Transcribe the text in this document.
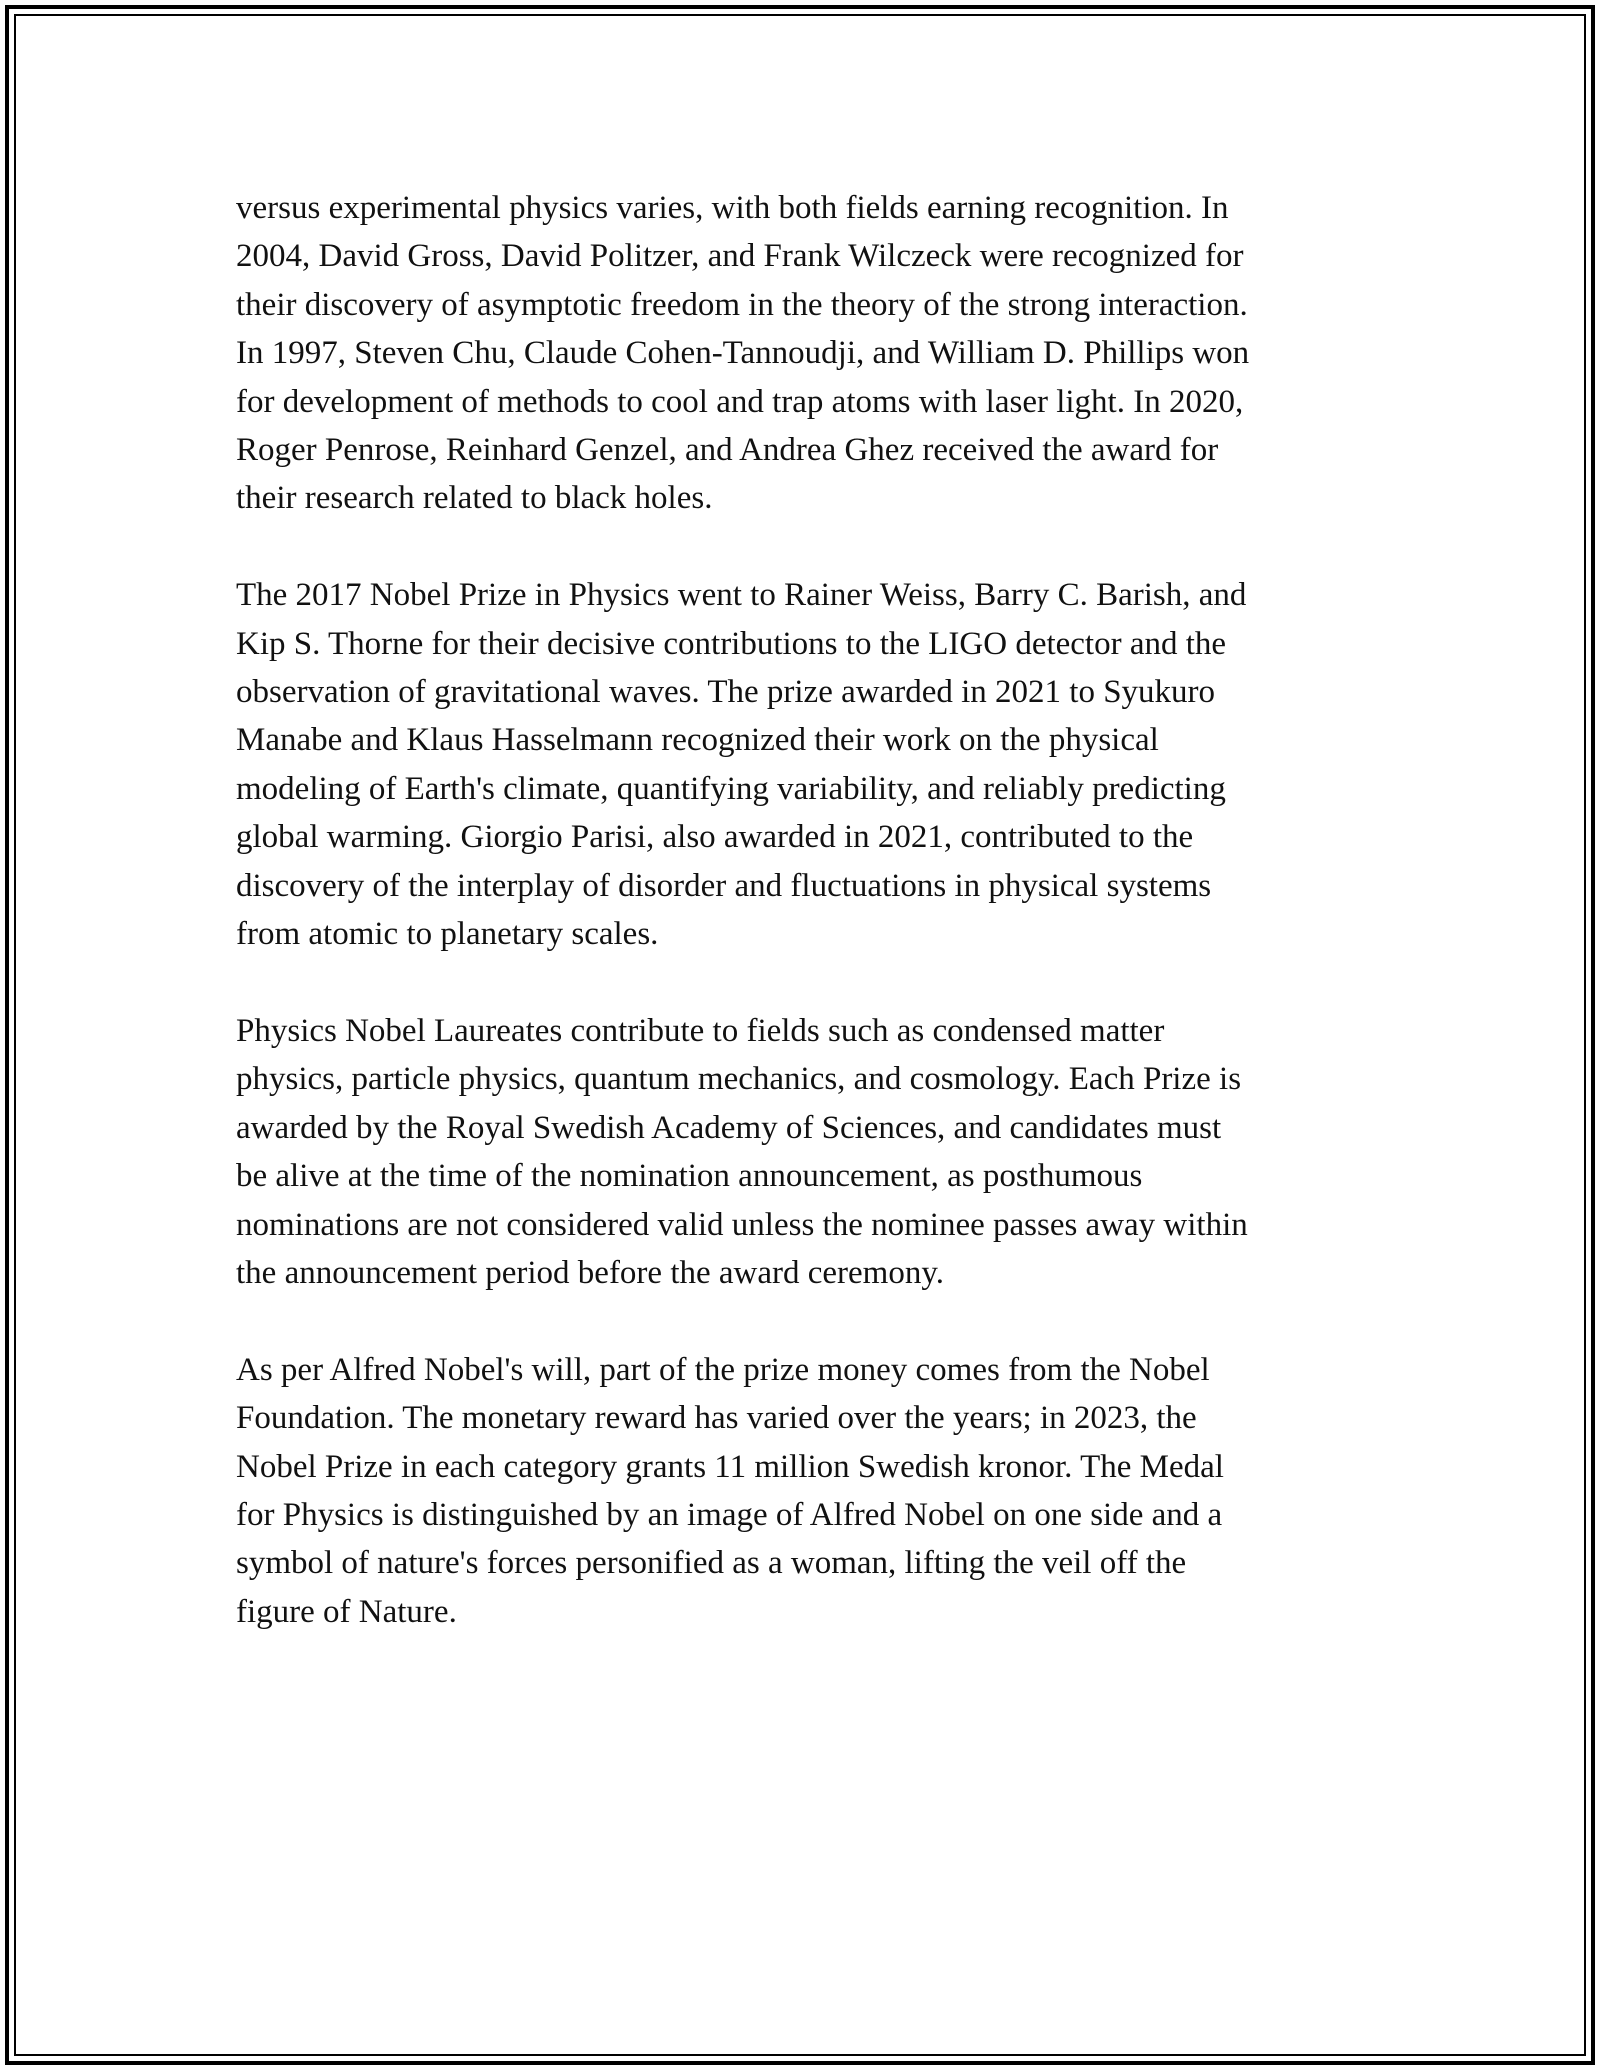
versus experimental physics varies, with both fields earning recognition. In
2004, David Gross, David Politzer, and Frank Wilczeck were recognized for
their discovery of asymptotic freedom in the theory of the strong interaction.
In 1997, Steven Chu, Claude Cohen-Tannoudji, and William D. Phillips won
for development of methods to cool and trap atoms with laser light. In 2020,
Roger Penrose, Reinhard Genzel, and Andrea Ghez received the award for
their research related to black holes.

The 2017 Nobel Prize in Physics went to Rainer Weiss, Barry C. Barish, and
Kip S. Thorne for their decisive contributions to the LIGO detector and the
observation of gravitational waves. The prize awarded in 2021 to Syukuro
Manabe and Klaus Hasselmann recognized their work on the physical
modeling of Earth's climate, quantifying variability, and reliably predicting
global warming. Giorgio Parisi, also awarded in 2021, contributed to the
discovery of the interplay of disorder and fluctuations in physical systems
from atomic to planetary scales.

Physics Nobel Laureates contribute to fields such as condensed matter
physics, particle physics, quantum mechanics, and cosmology. Each Prize is
awarded by the Royal Swedish Academy of Sciences, and candidates must
be alive at the time of the nomination announcement, as posthumous
nominations are not considered valid unless the nominee passes away within
the announcement period before the award ceremony.

As per Alfred Nobel's will, part of the prize money comes from the Nobel
Foundation. The monetary reward has varied over the years; in 2023, the
Nobel Prize in each category grants 11 million Swedish kronor. The Medal
for Physics is distinguished by an image of Alfred Nobel on one side and a
symbol of nature's forces personified as a woman, lifting the veil off the
figure of Nature.
